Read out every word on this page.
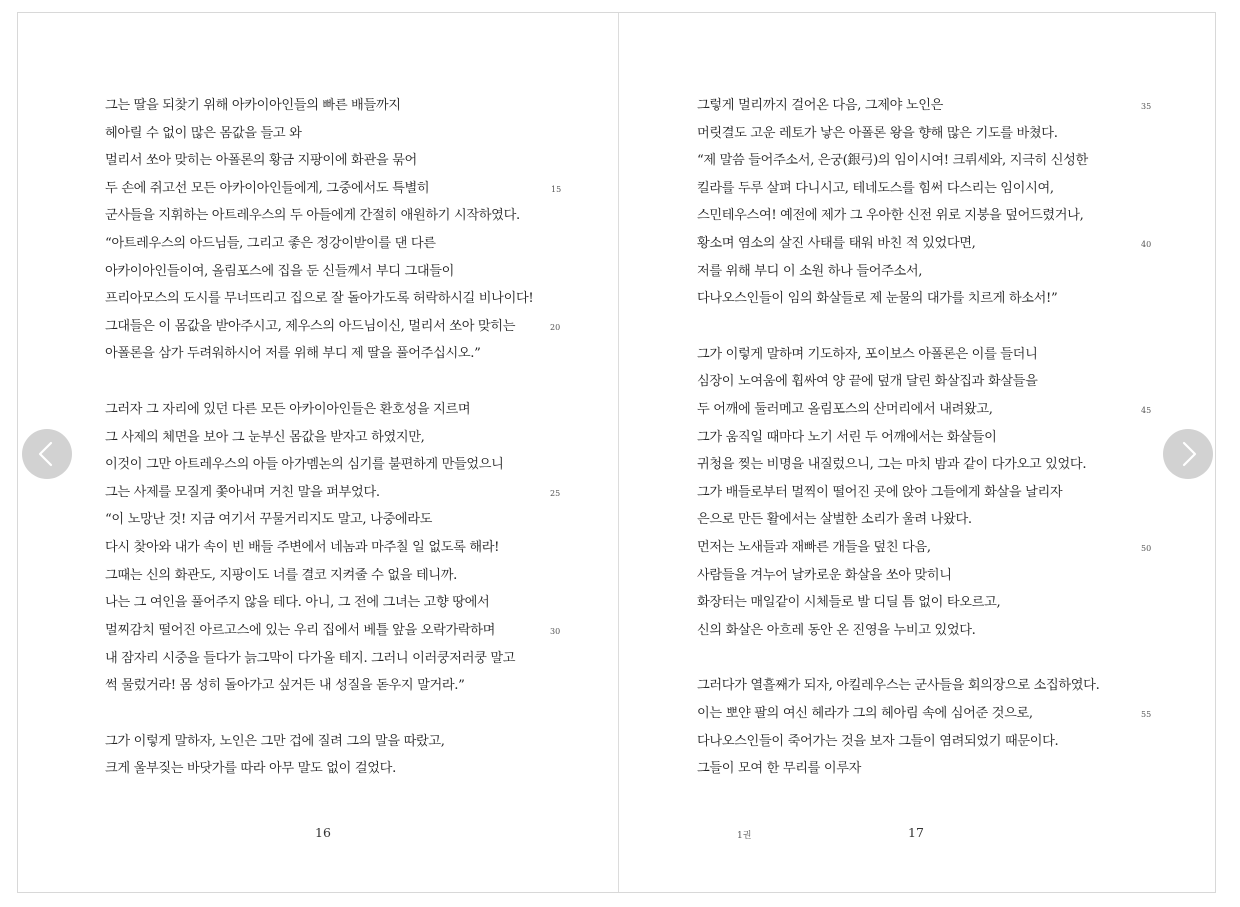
그는 딸을 되찾기 위해 아카이아인들의 빠른 배들까지
헤아릴 수 없이 많은 몸값을 들고 와
멀리서 쏘아 맞히는 아폴론의 황금 지팡이에 화관을 묶어
두 손에 쥐고선 모든 아카이아인들에게, 그중에서도 특별히
군사들을 지휘하는 아트레우스의 두 아들에게 간절히 애원하기 시작하였다.
“아트레우스의 아드님들, 그리고 좋은 정강이받이를 댄 다른
아카이아인들이여, 올림포스에 집을 둔 신들께서 부디 그대들이
프리아모스의 도시를 무너뜨리고 집으로 잘 돌아가도록 허락하시길 비나이다!
그대들은 이 몸값을 받아주시고, 제우스의 아드님이신, 멀리서 쏘아 맞히는
아폴론을 삼가 두려워하시어 저를 위해 부디 제 딸을 풀어주십시오.”
그러자 그 자리에 있던 다른 모든 아카이아인들은 환호성을 지르며
그 사제의 체면을 보아 그 눈부신 몸값을 받자고 하였지만,
이것이 그만 아트레우스의 아들 아가멤논의 심기를 불편하게 만들었으니
그는 사제를 모질게 쫓아내며 거친 말을 퍼부었다.
“이 노망난 것! 지금 여기서 꾸물거리지도 말고, 나중에라도
다시 찾아와 내가 속이 빈 배들 주변에서 네놈과 마주칠 일 없도록 해라!
그때는 신의 화관도, 지팡이도 너를 결코 지켜줄 수 없을 테니까.
나는 그 여인을 풀어주지 않을 테다. 아니, 그 전에 그녀는 고향 땅에서
멀찌감치 떨어진 아르고스에 있는 우리 집에서 베틀 앞을 오락가락하며
내 잠자리 시중을 들다가 늙그막이 다가올 테지. 그러니 이러쿵저러쿵 말고
썩 물렀거라! 몸 성히 돌아가고 싶거든 내 성질을 돋우지 말거라.”
그가 이렇게 말하자, 노인은 그만 겁에 질려 그의 말을 따랐고,
크게 울부짖는 바닷가를 따라 아무 말도 없이 걸었다.
15
20
25
30
16
그렇게 멀리까지 걸어온 다음, 그제야 노인은
머릿결도 고운 레토가 낳은 아폴론 왕을 향해 많은 기도를 바쳤다.
“제 말씀 들어주소서, 은궁(銀弓)의 임이시여! 크뤼세와, 지극히 신성한
킬라를 두루 살펴 다니시고, 테네도스를 힘써 다스리는 임이시여,
스민테우스여! 예전에 제가 그 우아한 신전 위로 지붕을 덮어드렸거나,
황소며 염소의 살진 사태를 태워 바친 적 있었다면,
저를 위해 부디 이 소원 하나 들어주소서,
다나오스인들이 임의 화살들로 제 눈물의 대가를 치르게 하소서!”
그가 이렇게 말하며 기도하자, 포이보스 아폴론은 이를 들더니
심장이 노여움에 휩싸여 양 끝에 덮개 달린 화살집과 화살들을
두 어깨에 둘러메고 올림포스의 산머리에서 내려왔고,
그가 움직일 때마다 노기 서린 두 어깨에서는 화살들이
귀청을 찢는 비명을 내질렀으니, 그는 마치 밤과 같이 다가오고 있었다.
그가 배들로부터 멀찍이 떨어진 곳에 앉아 그들에게 화살을 날리자
은으로 만든 활에서는 살벌한 소리가 울려 나왔다.
먼저는 노새들과 재빠른 개들을 덮친 다음,
사람들을 겨누어 날카로운 화살을 쏘아 맞히니
화장터는 매일같이 시체들로 발 디딜 틈 없이 타오르고,
신의 화살은 아흐레 동안 온 진영을 누비고 있었다.
그러다가 열흘째가 되자, 아킬레우스는 군사들을 회의장으로 소집하였다.
이는 뽀얀 팔의 여신 헤라가 그의 헤아림 속에 심어준 것으로,
다나오스인들이 죽어가는 것을 보자 그들이 염려되었기 때문이다.
그들이 모여 한 무리를 이루자
35
40
45
50
55
1권	17
